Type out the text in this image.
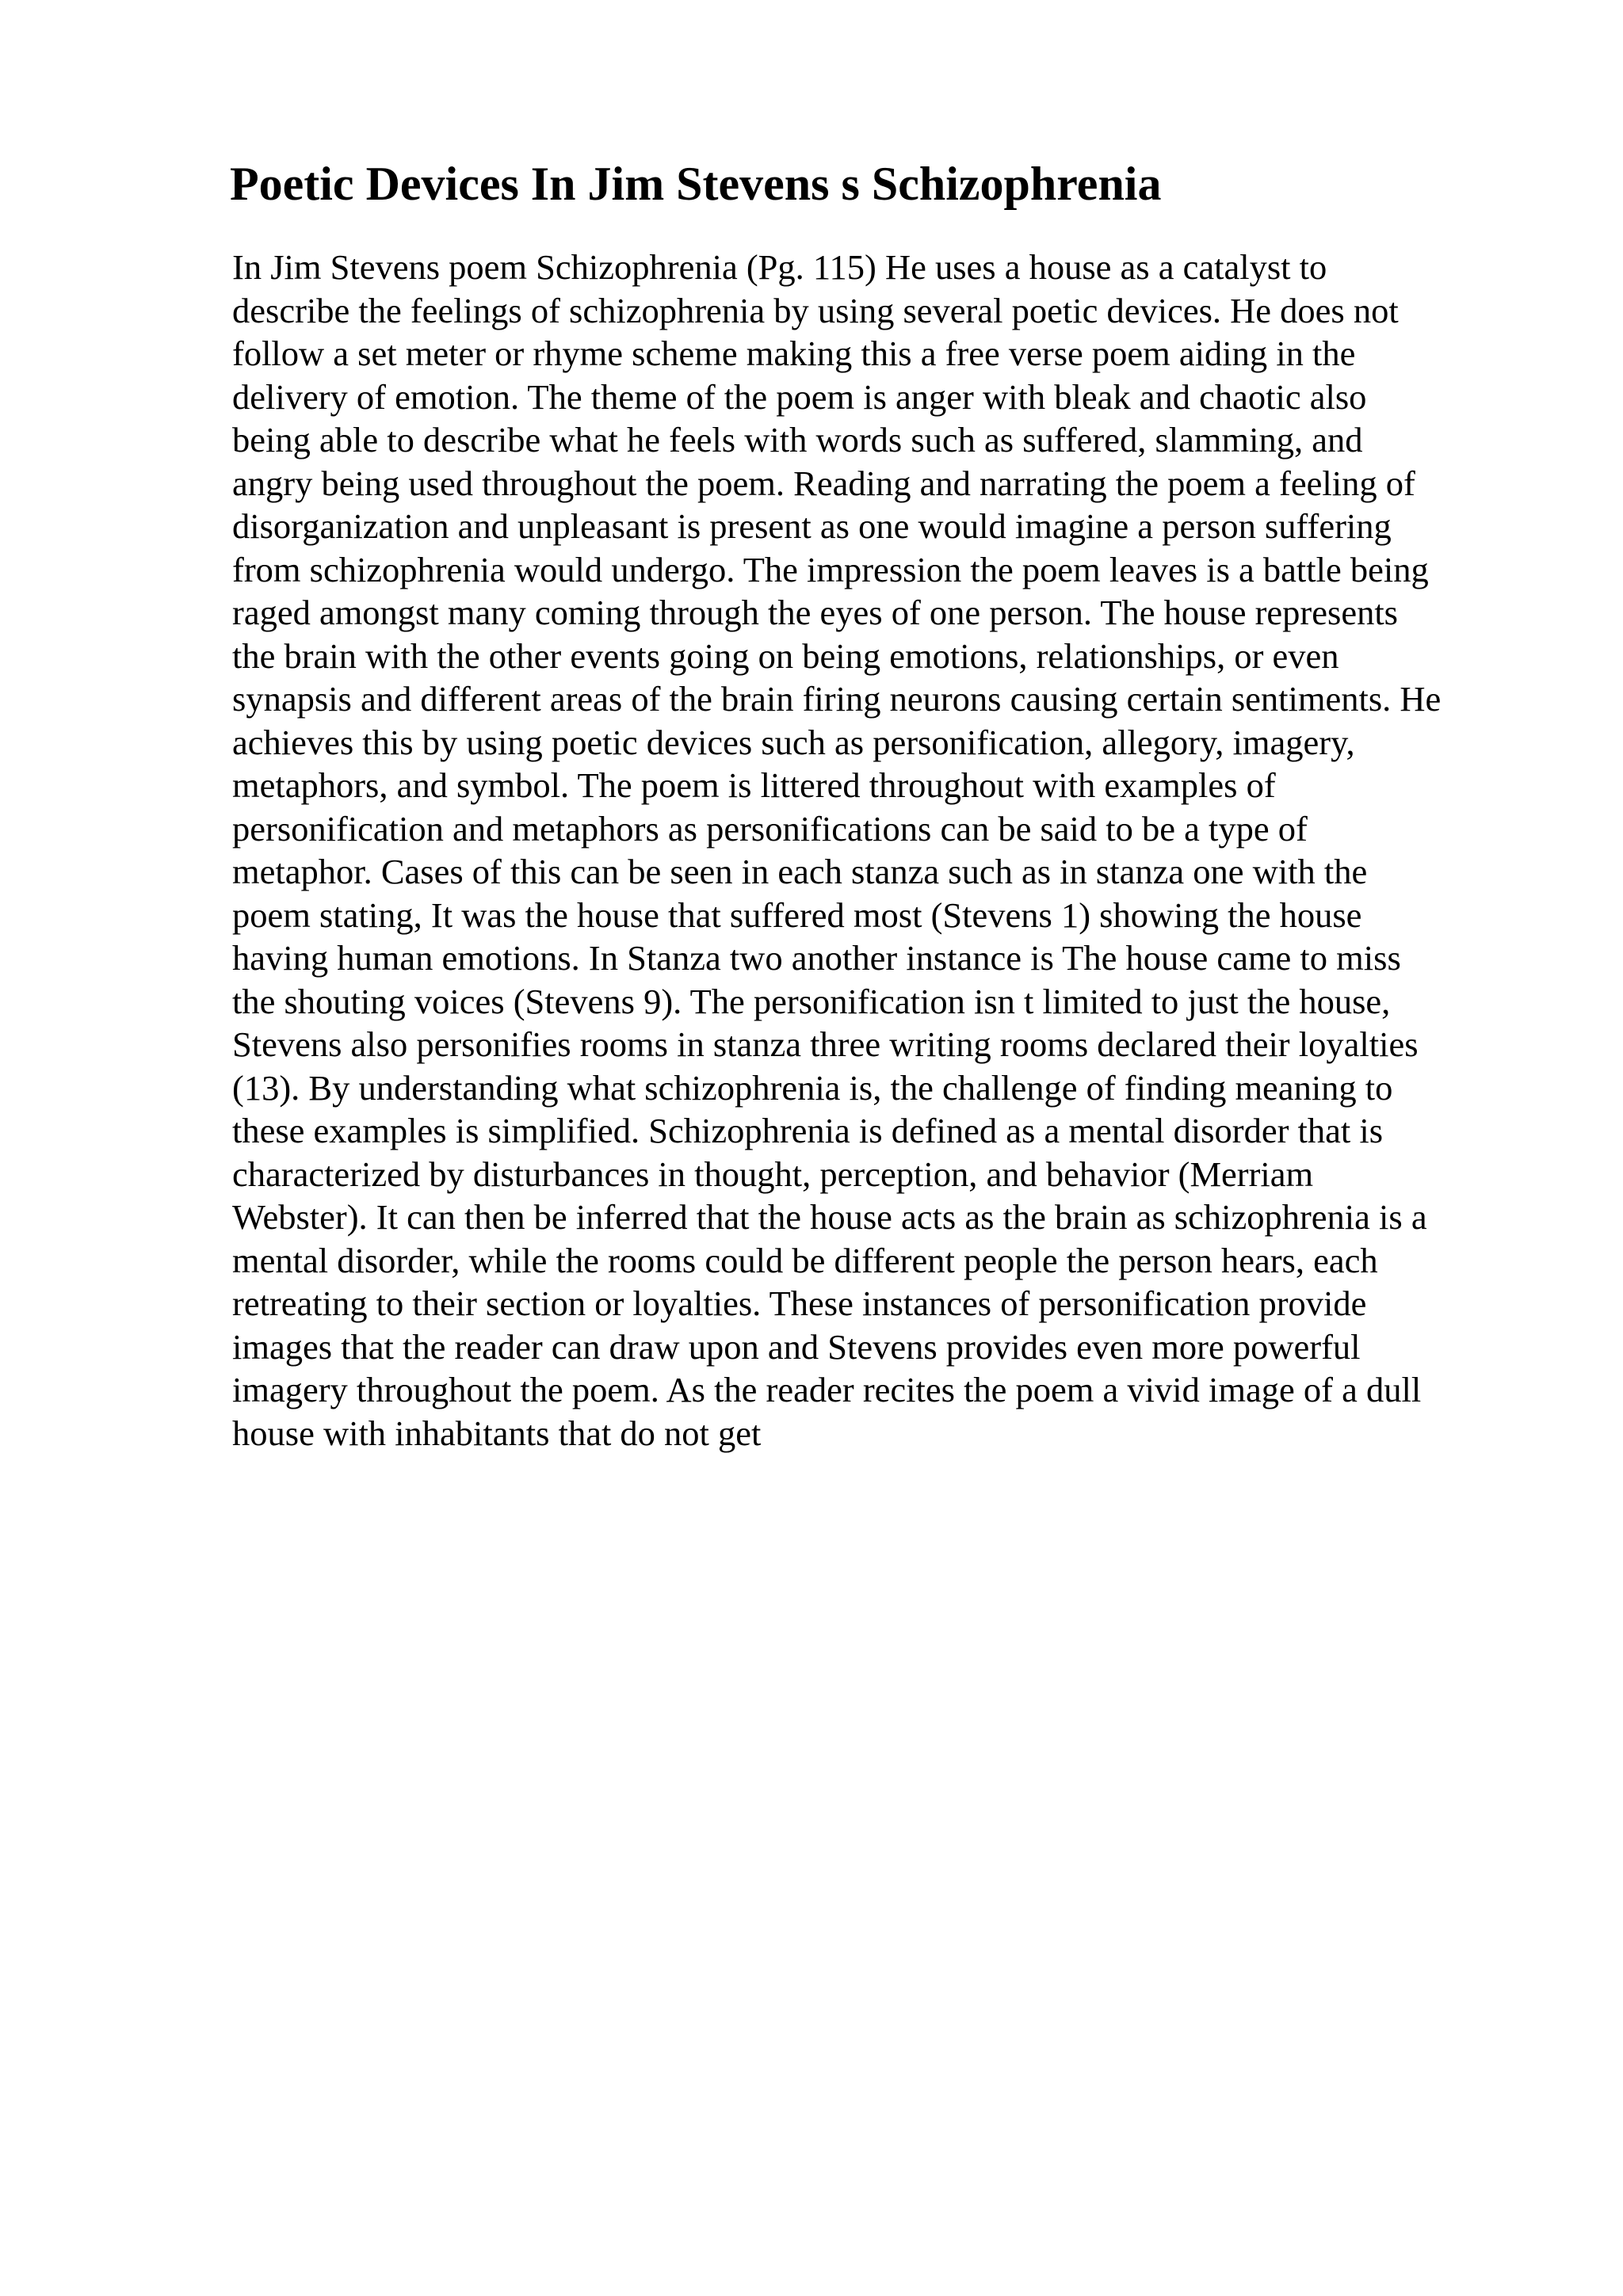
Poetic Devices In Jim Stevens s Schizophrenia
In Jim Stevens poem Schizophrenia (Pg. 115) He uses a house as a catalyst to
describe the feelings of schizophrenia by using several poetic devices. He does not
follow a set meter or rhyme scheme making this a free verse poem aiding in the
delivery of emotion. The theme of the poem is anger with bleak and chaotic also
being able to describe what he feels with words such as suffered, slamming, and
angry being used throughout the poem. Reading and narrating the poem a feeling of
disorganization and unpleasant is present as one would imagine a person suffering
from schizophrenia would undergo. The impression the poem leaves is a battle being
raged amongst many coming through the eyes of one person. The house represents
the brain with the other events going on being emotions, relationships, or even
synapsis and different areas of the brain firing neurons causing certain sentiments. He
achieves this by using poetic devices such as personification, allegory, imagery,
metaphors, and symbol. The poem is littered throughout with examples of
personification and metaphors as personifications can be said to be a type of
metaphor. Cases of this can be seen in each stanza such as in stanza one with the
poem stating, It was the house that suffered most (Stevens 1) showing the house
having human emotions. In Stanza two another instance is The house came to miss
the shouting voices (Stevens 9). The personification isn t limited to just the house,
Stevens also personifies rooms in stanza three writing rooms declared their loyalties
(13). By understanding what schizophrenia is, the challenge of finding meaning to
these examples is simplified. Schizophrenia is defined as a mental disorder that is
characterized by disturbances in thought, perception, and behavior (Merriam
Webster). It can then be inferred that the house acts as the brain as schizophrenia is a
mental disorder, while the rooms could be different people the person hears, each
retreating to their section or loyalties. These instances of personification provide
images that the reader can draw upon and Stevens provides even more powerful
imagery throughout the poem. As the reader recites the poem a vivid image of a dull
house with inhabitants that do not get
